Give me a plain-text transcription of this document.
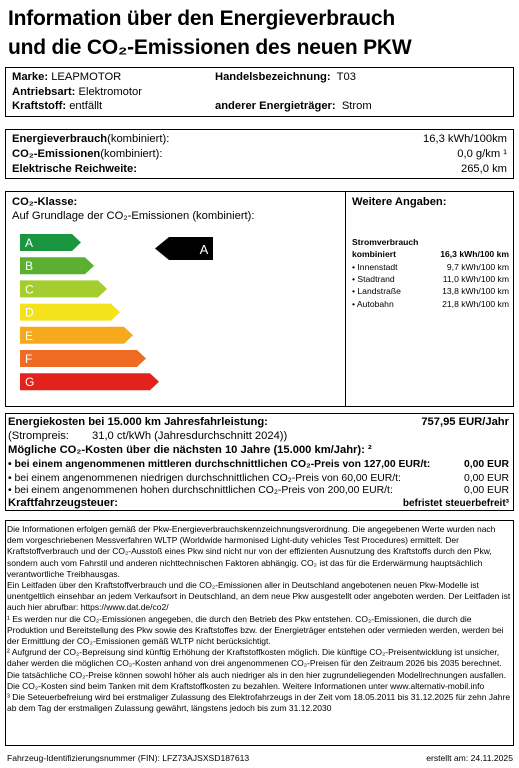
Information über den Energieverbrauch
und die CO₂-Emissionen des neuen PKW
Marke: LEAPMOTOR
Antriebsart: Elektromotor
Kraftstoff: entfällt
Handelsbezeichnung: T03
anderer Energieträger: Strom
Energieverbrauch(kombiniert):	16,3 kWh/100km
CO₂-Emissionen(kombiniert):	0,0 g/km ¹
Elektrische Reichweite:	265,0 km
CO₂-Klasse:
Auf Grundlage der CO₂-Emissionen (kombiniert):
A
B
C
D
E
F
G
A
Weitere Angaben:
Stromverbrauch
kombiniert	16,3 kWh/100 km
• Innenstadt	9,7 kWh/100 km
• Stadtrand	11,0 kWh/100 km
• Landstraße	13,8 kWh/100 km
• Autobahn	21,8 kWh/100 km
Energiekosten bei 15.000 km Jahresfahrleistung:	757,95 EUR/Jahr
(Strompreis: 31,0 ct/kWh (Jahresdurchschnitt 2024))
Mögliche CO₂-Kosten über die nächsten 10 Jahre (15.000 km/Jahr): ²
• bei einem angenommenen mittleren durchschnittlichen CO₂-Preis von 127,00 EUR/t:	0,00 EUR
• bei einem angenommenen niedrigen durchschnittlichen CO₂-Preis von 60,00 EUR/t:	0,00 EUR
• bei einem angenommenen hohen durchschnittlichen CO₂-Preis von 200,00 EUR/t:	0,00 EUR
Kraftfahrzeugsteuer:	befristet steuerbefreit³

Die Informationen erfolgen gemäß der Pkw-Energieverbrauchskennzeichnungsverordnung. Die angegebenen Werte wurden nach dem vorgeschriebenen Messverfahren WLTP (Worldwide harmonised Light-duty vehicles Test Procedures) ermittelt. Der Kraftstoffverbrauch und der CO₂-Ausstoß eines Pkw sind nicht nur von der effizienten Ausnutzung des Kraftstoffs durch den Pkw, sondern auch vom Fahrstil und anderen nichttechnischen Faktoren abhängig. CO₂ ist das für die Erderwärmung hauptsächlich verantwortliche Treibhausgas.

Ein Leitfaden über den Kraftstoffverbrauch und die CO₂-Emissionen aller in Deutschland angebotenen neuen Pkw-Modelle ist unentgeltlich einsehbar an jedem Verkaufsort in Deutschland, an dem neue Pkw ausgestellt oder angeboten werden. Der Leitfaden ist auch hier abrufbar: https://www.dat.de/co2/

¹ Es werden nur die CO₂-Emissionen angegeben, die durch den Betrieb des Pkw entstehen. CO₂-Emissionen, die durch die Produktion und Bereitstellung des Pkw sowie des Kraftstoffes bzw. der Energieträger entstehen oder vermieden werden, werden bei der Ermittlung der CO₂-Emissionen gemäß WLTP nicht berücksichtigt.

² Aufgrund der CO₂-Bepreisung sind künftig Erhöhung der Kraftstoffkosten möglich. Die künftige CO₂-Preisentwicklung ist unsicher, daher werden die möglichen CO₂-Kosten anhand von drei angenommenen CO₂-Preisen für den Zeitraum 2026 bis 2035 berechnet. Die tatsächliche CO₂-Preise können sowohl höher als auch niedriger als in den hier zugrundeliegenden Modellrechnungen ausfallen. Die CO₂-Kosten sind beim Tanken mit dem Kraftstoffkosten zu bezahlen. Weitere Informationen unter www.alternativ-mobil.info

³ Die Seteuerbefreiung wird bei erstmaliger Zulassung des Elektrofahrzeugs in der Zeit vom 18.05.2011 bis 31.12.2025 für zehn Jahre ab dem Tag der erstmaligen Zulassung gewährt, längstens jedoch bis zum 31.12.2030

Fahrzeug-Identifizierungsnummer (FIN): LFZ73AJSXSD187613	erstellt am: 24.11.2025
